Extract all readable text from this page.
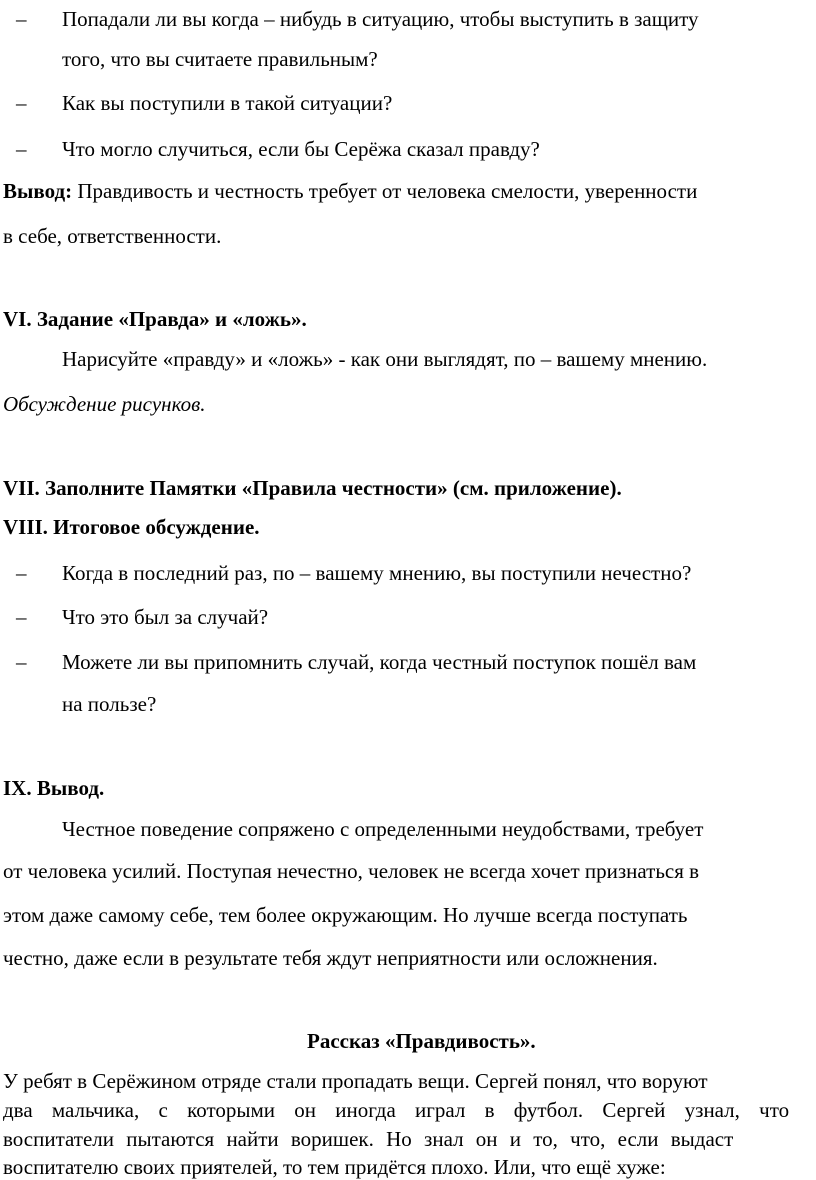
– Попадали ли вы когда – нибудь в ситуацию, чтобы выступить в защиту
того, что вы считаете правильным?
– Как вы поступили в такой ситуации?
– Что могло случиться, если бы Серёжа сказал правду?
Вывод: Правдивость и честность требует от человека смелости, уверенности
в себе, ответственности.
VI. Задание «Правда» и «ложь».
Нарисуйте «правду» и «ложь» - как они выглядят, по – вашему мнению.
Обсуждение рисунков.
VII. Заполните Памятки «Правила честности» (см. приложение).
VIII. Итоговое обсуждение.
– Когда в последний раз, по – вашему мнению, вы поступили нечестно?
– Что это был за случай?
– Можете ли вы припомнить случай, когда честный поступок пошёл вам
на пользе?
IX. Вывод.
Честное поведение сопряжено с определенными неудобствами, требует
от человека усилий. Поступая нечестно, человек не всегда хочет признаться в
этом даже самому себе, тем более окружающим. Но лучше всегда поступать
честно, даже если в результате тебя ждут неприятности или осложнения.
Рассказ «Правдивость».
У ребят в Серёжином отряде стали пропадать вещи. Сергей понял, что воруют
два мальчика, с которыми он иногда играл в футбол. Сергей узнал, что
воспитатели пытаются найти воришек. Но знал он и то, что, если выдаст
воспитателю своих приятелей, то тем придётся плохо. Или, что ещё хуже:
